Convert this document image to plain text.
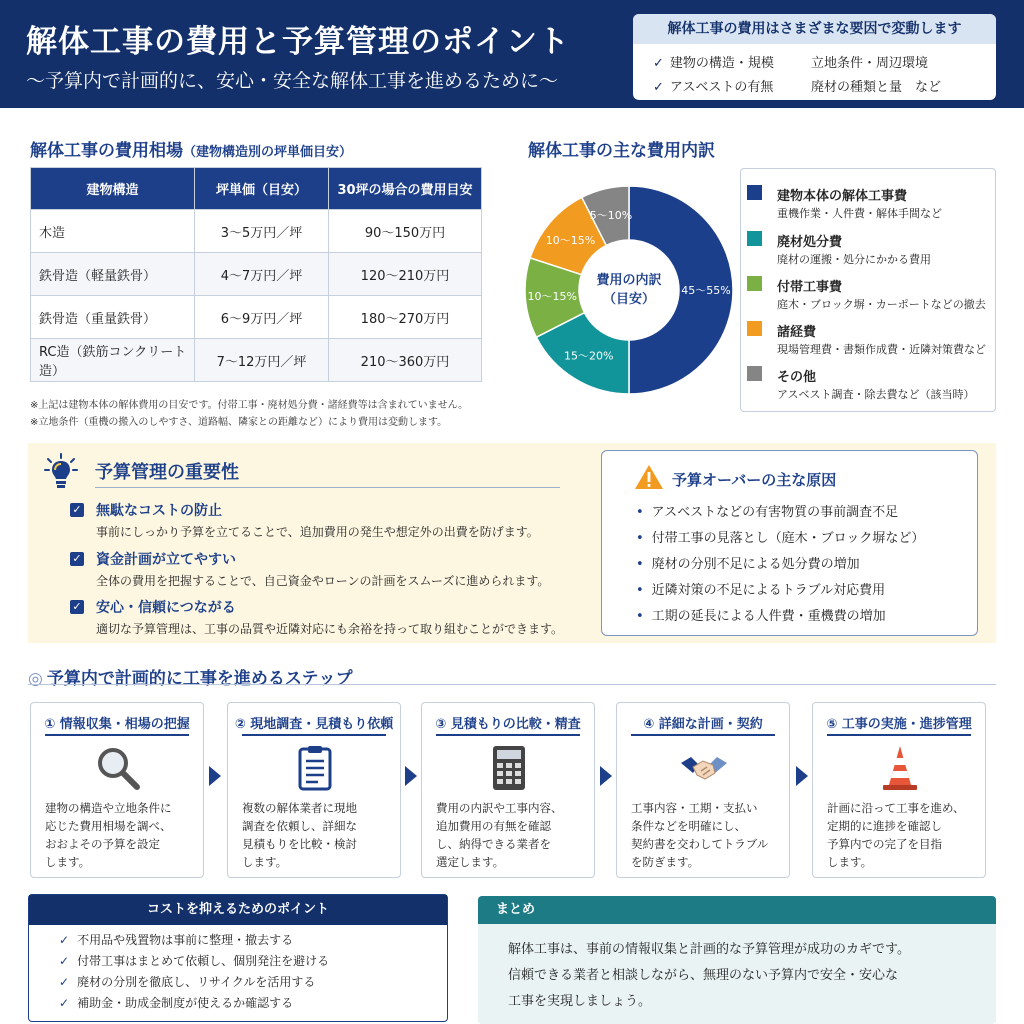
解体工事の費用と予算管理のポイント
〜予算内で計画的に、安心・安全な解体工事を進めるために〜
解体工事の費用はさまざまな要因で変動します
✓ 建物の構造・規模	立地条件・周辺環境
✓ アスベストの有無	廃材の種類と量　など
解体工事の費用相場（建物構造別の坪単価目安）
建物構造	坪単価（目安）	30坪の場合の費用目安
木造	3〜5万円／坪	90〜150万円
鉄骨造（軽量鉄骨）	4〜7万円／坪	120〜210万円
鉄骨造（重量鉄骨）	6〜9万円／坪	180〜270万円
RC造（鉄筋コンクリート造）	7〜12万円／坪	210〜360万円
※上記は建物本体の解体費用の目安です。付帯工事・廃材処分費・諸経費等は含まれていません。
※立地条件（重機の搬入のしやすさ、道路幅、隣家との距離など）により費用は変動します。
解体工事の主な費用内訳
45〜55%
15〜20%
10〜15%
10〜15%
5〜10%
費用の内訳
（目安）
建物本体の解体工事費
重機作業・人件費・解体手間など
廃材処分費
廃材の運搬・処分にかかる費用
付帯工事費
庭木・ブロック塀・カーポートなどの撤去
諸経費
現場管理費・書類作成費・近隣対策費など
その他
アスベスト調査・除去費など（該当時）
予算管理の重要性
✓ 無駄なコストの防止
事前にしっかり予算を立てることで、追加費用の発生や想定外の出費を防げます。
✓ 資金計画が立てやすい
全体の費用を把握することで、自己資金やローンの計画をスムーズに進められます。
✓ 安心・信頼につながる
適切な予算管理は、工事の品質や近隣対応にも余裕を持って取り組むことができます。
予算オーバーの主な原因
• アスベストなどの有害物質の事前調査不足
• 付帯工事の見落とし（庭木・ブロック塀など）
• 廃材の分別不足による処分費の増加
• 近隣対策の不足によるトラブル対応費用
• 工期の延長による人件費・重機費の増加
◎ 予算内で計画的に工事を進めるステップ
① 情報収集・相場の把握
建物の構造や立地条件に
応じた費用相場を調べ、
おおよその予算を設定
します。
② 現地調査・見積もり依頼
複数の解体業者に現地
調査を依頼し、詳細な
見積もりを比較・検討
します。
③ 見積もりの比較・精査
費用の内訳や工事内容、
追加費用の有無を確認
し、納得できる業者を
選定します。
④ 詳細な計画・契約
工事内容・工期・支払い
条件などを明確にし、
契約書を交わしてトラブル
を防ぎます。
⑤ 工事の実施・進捗管理
計画に沿って工事を進め、
定期的に進捗を確認し
予算内での完了を目指
します。
コストを抑えるためのポイント
✓ 不用品や残置物は事前に整理・撤去する
✓ 付帯工事はまとめて依頼し、個別発注を避ける
✓ 廃材の分別を徹底し、リサイクルを活用する
✓ 補助金・助成金制度が使えるか確認する
まとめ
解体工事は、事前の情報収集と計画的な予算管理が成功のカギです。
信頼できる業者と相談しながら、無理のない予算内で安全・安心な
工事を実現しましょう。
